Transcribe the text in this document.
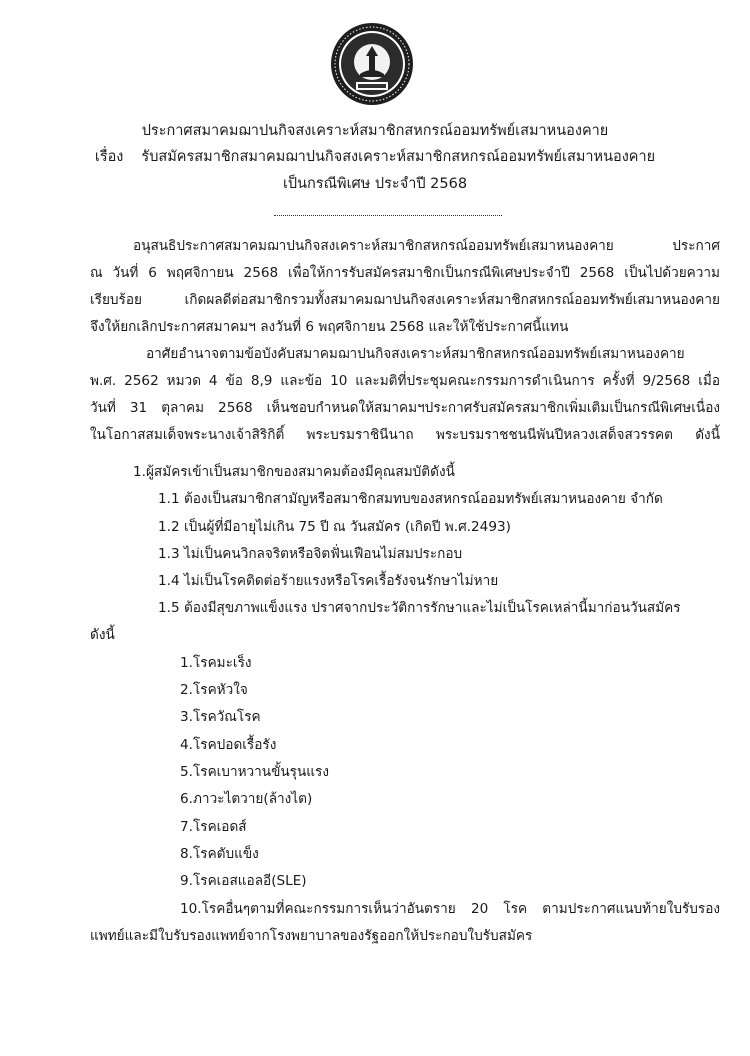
ประกาศสมาคมฌาปนกิจสงเคราะห์สมาชิกสหกรณ์ออมทรัพย์เสมาหนองคาย
เรื่อง รับสมัครสมาชิกสมาคมฌาปนกิจสงเคราะห์สมาชิกสหกรณ์ออมทรัพย์เสมาหนองคาย
เป็นกรณีพิเศษ ประจำปี 2568
อนุสนธิประกาศสมาคมฌาปนกิจสงเคราะห์สมาชิกสหกรณ์ออมทรัพย์เสมาหนองคาย ประกาศ
ณ วันที่ 6 พฤศจิกายน 2568 เพื่อให้การรับสมัครสมาชิกเป็นกรณีพิเศษประจำปี 2568 เป็นไปด้วยความ
เรียบร้อย เกิดผลดีต่อสมาชิกรวมทั้งสมาคมฌาปนกิจสงเคราะห์สมาชิกสหกรณ์ออมทรัพย์เสมาหนองคาย
จึงให้ยกเลิกประกาศสมาคมฯ ลงวันที่ 6 พฤศจิกายน 2568 และให้ใช้ประกาศนี้แทน
อาศัยอำนาจตามข้อบังคับสมาคมฌาปนกิจสงเคราะห์สมาชิกสหกรณ์ออมทรัพย์เสมาหนองคาย
พ.ศ. 2562 หมวด 4 ข้อ 8,9 และข้อ 10 และมติที่ประชุมคณะกรรมการดำเนินการ ครั้งที่ 9/2568 เมื่อ
วันที่ 31 ตุลาคม 2568 เห็นชอบกำหนดให้สมาคมฯประกาศรับสมัครสมาชิกเพิ่มเติมเป็นกรณีพิเศษเนื่อง
ในโอกาสสมเด็จพระนางเจ้าสิริกิติ์ พระบรมราชินีนาถ พระบรมราชชนนีพันปีหลวงเสด็จสวรรคต ดังนี้
1.ผู้สมัครเข้าเป็นสมาชิกของสมาคมต้องมีคุณสมบัติดังนี้
1.1 ต้องเป็นสมาชิกสามัญหรือสมาชิกสมทบของสหกรณ์ออมทรัพย์เสมาหนองคาย จำกัด
1.2 เป็นผู้ที่มีอายุไม่เกิน 75 ปี ณ วันสมัคร (เกิดปี พ.ศ.2493)
1.3 ไม่เป็นคนวิกลจริตหรือจิตฟั่นเฟือนไม่สมประกอบ
1.4 ไม่เป็นโรคติดต่อร้ายแรงหรือโรคเรื้อรังจนรักษาไม่หาย
1.5 ต้องมีสุขภาพแข็งแรง ปราศจากประวัติการรักษาและไม่เป็นโรคเหล่านี้มาก่อนวันสมัคร
ดังนี้
1.โรคมะเร็ง
2.โรคหัวใจ
3.โรควัณโรค
4.โรคปอดเรื้อรัง
5.โรคเบาหวานขั้นรุนแรง
6.ภาวะไตวาย(ล้างไต)
7.โรคเอดส์
8.โรคตับแข็ง
9.โรคเอสแอลอี(SLE)
10.โรคอื่นๆตามที่คณะกรรมการเห็นว่าอันตราย 20 โรค ตามประกาศแนบท้ายใบรับรอง
แพทย์และมีใบรับรองแพทย์จากโรงพยาบาลของรัฐออกให้ประกอบใบรับสมัคร
